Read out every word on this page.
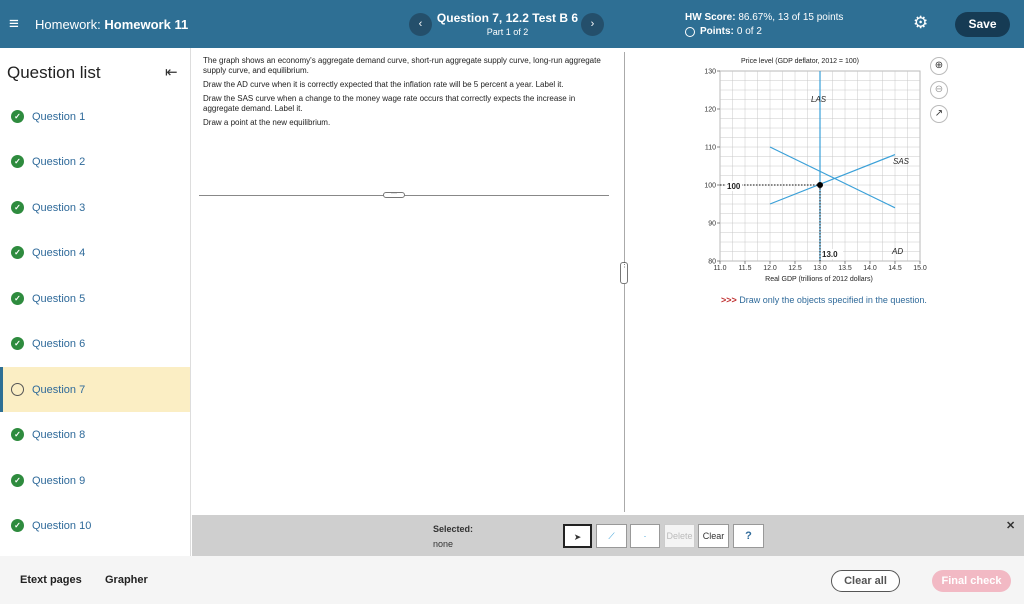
≡ Homework: Homework 11	‹	Question 7, 12.2 Test B 6
Part 1 of 2
›
HW Score: 86.67%, 13 of 15 points
Points: 0 of 2	⚙	Save
Question list	⇤
✓ Question 1
✓ Question 2
✓ Question 3
✓ Question 4
✓ Question 5
✓ Question 6
Question 7
✓ Question 8
✓ Question 9
✓ Question 10

The graph shows an economy's aggregate demand curve, short-run aggregate supply curve, long-run aggregate supply curve, and equilibrium.

Draw the AD curve when it is correctly expected that the inflation rate will be 5 percent a year. Label it.

Draw the SAS curve when a change to the money wage rate occurs that correctly expects the increase in aggregate demand. Label it.

Draw a point at the new equilibrium.

···
⋮
Price level (GDP deflator, 2012 = 100)
11.0 11.5 12.0 12.5 13.0 13.5 14.0 14.5 15.0
80
90
100
110
120
130
Real GDP (trillions of 2012 dollars)
LAS
SAS
AD
100
13.0
⊕
⊖
↗
>>> Draw only the objects specified in the question.
Selected:
none
➤	⟋	·	Delete	Clear	?
✕
Etext pages Grapher	Clear all	Final check
